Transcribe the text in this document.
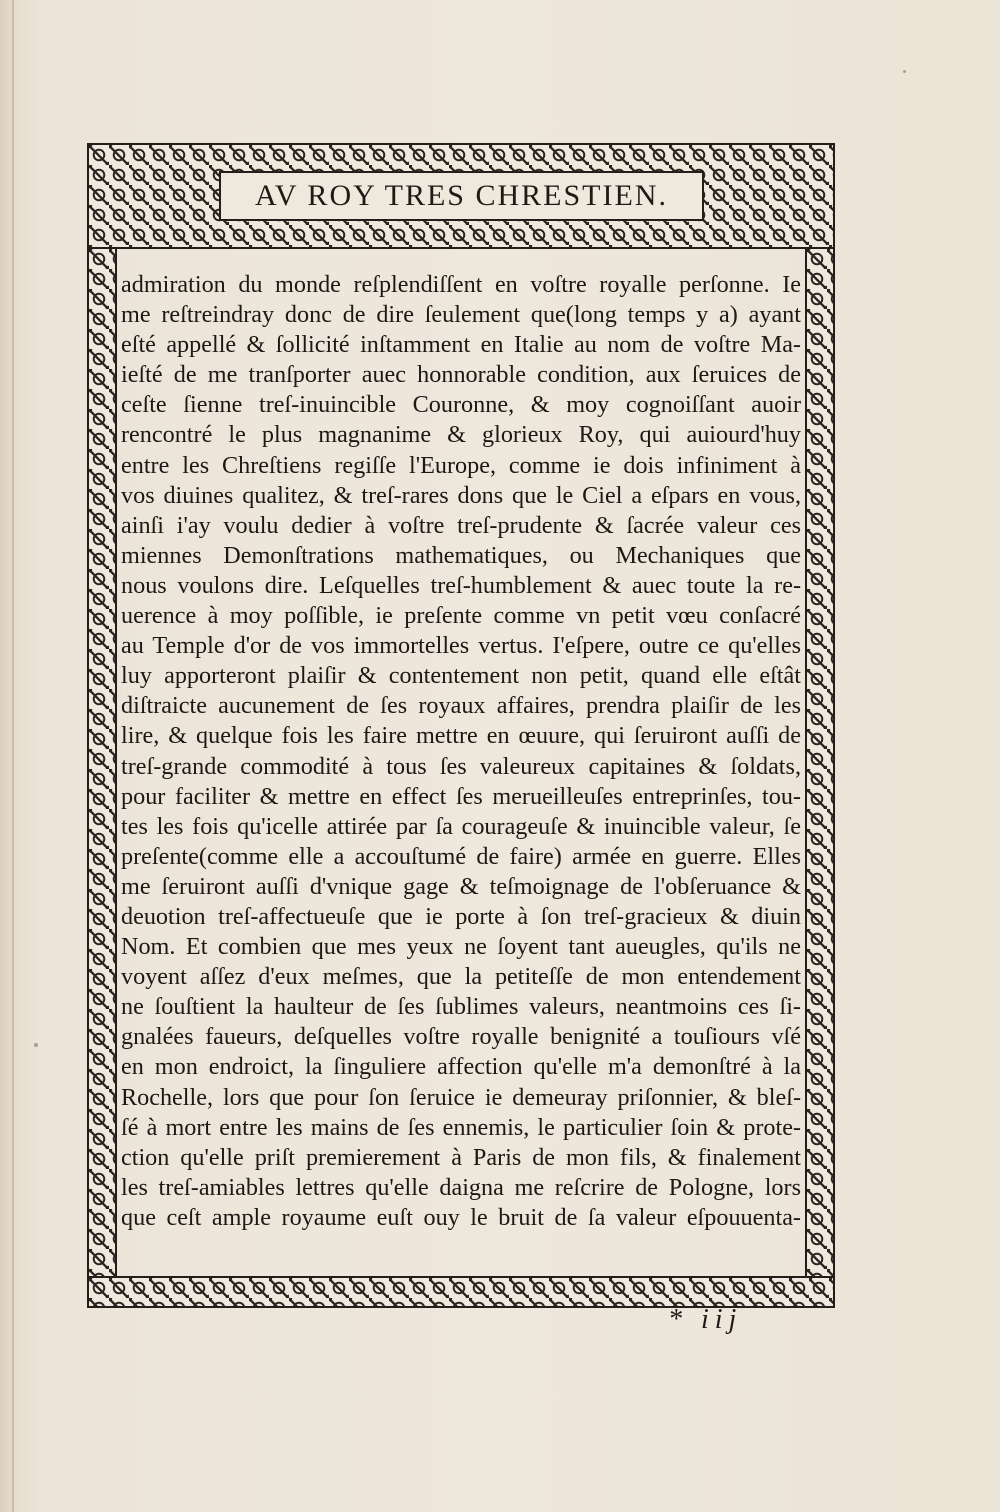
AV ROY TRES CHRESTIEN.
admiration du monde reſplendiſſent en voſtre royalle perſonne. Ie
me reſtreindray donc de dire ſeulement que(long temps y a) ayant
eſté appellé & ſollicité inſtamment en Italie au nom de voſtre Ma-
ieſté de me tranſporter auec honnorable condition, aux ſeruices de
ceſte ſienne treſ-inuincible Couronne, & moy cognoiſſant auoir
rencontré le plus magnanime & glorieux Roy, qui auiourd'huy
entre les Chreſtiens regiſſe l'Europe, comme ie dois infiniment à
vos diuines qualitez, & treſ-rares dons que le Ciel a eſpars en vous,
ainſi i'ay voulu dedier à voſtre treſ-prudente & ſacrée valeur ces
miennes Demonſtrations mathematiques, ou Mechaniques que
nous voulons dire. Leſquelles treſ-humblement & auec toute la re-
uerence à moy poſſible, ie preſente comme vn petit vœu conſacré
au Temple d'or de vos immortelles vertus. I'eſpere, outre ce qu'elles
luy apporteront plaiſir & contentement non petit, quand elle eſtât
diſtraicte aucunement de ſes royaux affaires, prendra plaiſir de les
lire, & quelque fois les faire mettre en œuure, qui ſeruiront auſſi de
treſ-grande commodité à tous ſes valeureux capitaines & ſoldats,
pour faciliter & mettre en effect ſes merueilleuſes entreprinſes, tou-
tes les fois qu'icelle attirée par ſa courageuſe & inuincible valeur, ſe
preſente(comme elle a accouſtumé de faire) armée en guerre. Elles
me ſeruiront auſſi d'vnique gage & teſmoignage de l'obſeruance &
deuotion treſ-affectueuſe que ie porte à ſon treſ-gracieux & diuin
Nom. Et combien que mes yeux ne ſoyent tant aueugles, qu'ils ne
voyent aſſez d'eux meſmes, que la petiteſſe de mon entendement
ne ſouſtient la haulteur de ſes ſublimes valeurs, neantmoins ces ſi-
gnalées faueurs, deſquelles voſtre royalle benignité a touſiours vſé
en mon endroict, la ſinguliere affection qu'elle m'a demonſtré à la
Rochelle, lors que pour ſon ſeruice ie demeuray priſonnier, & bleſ-
ſé à mort entre les mains de ſes ennemis, le particulier ſoin & prote-
ction qu'elle priſt premierement à Paris de mon fils, & finalement
les treſ-amiables lettres qu'elle daigna me reſcrire de Pologne, lors
que ceſt ample royaume euſt ouy le bruit de ſa valeur eſpouuenta-
* iij
